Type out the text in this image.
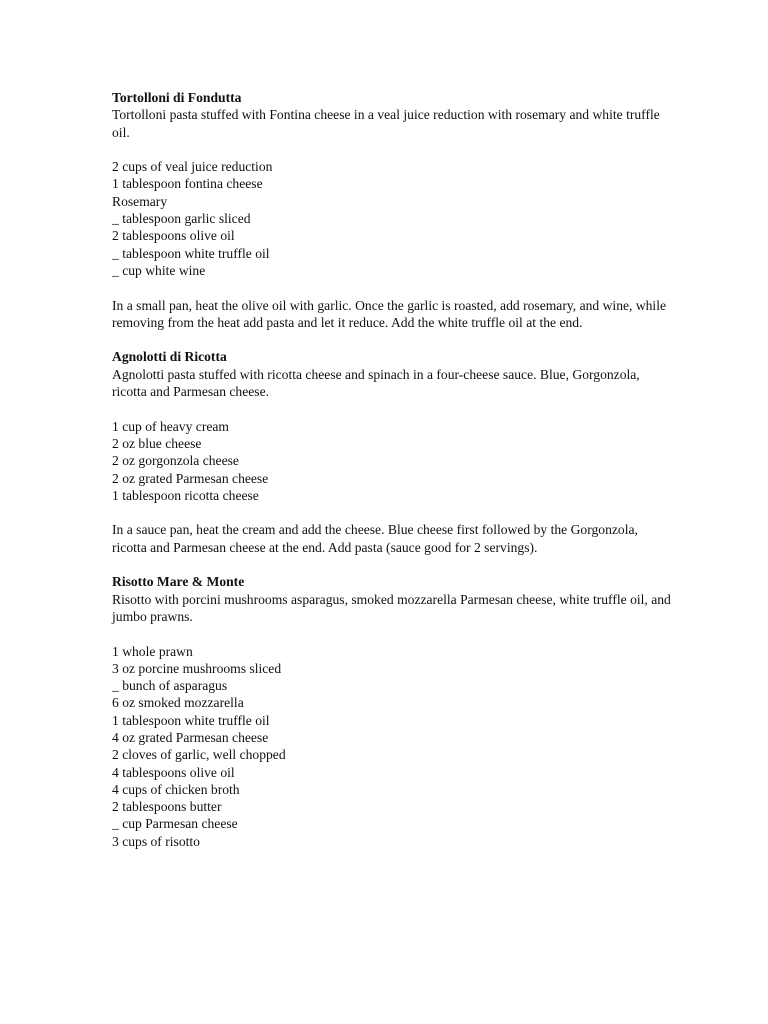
Tortolloni di Fondutta
Tortolloni pasta stuffed with Fontina cheese in a veal juice reduction with rosemary and white truffle oil.
2 cups of veal juice reduction
1 tablespoon fontina cheese
Rosemary
_ tablespoon garlic sliced
2 tablespoons olive oil
_ tablespoon white truffle oil
_ cup white wine

In a small pan, heat the olive oil with garlic. Once the garlic is roasted, add rosemary, and wine, while removing from the heat add pasta and let it reduce. Add the white truffle oil at the end.

Agnolotti di Ricotta
Agnolotti pasta stuffed with ricotta cheese and spinach in a four-cheese sauce. Blue, Gorgonzola, ricotta and Parmesan cheese.
1 cup of heavy cream
2 oz blue cheese
2 oz gorgonzola cheese
2 oz grated Parmesan cheese
1 tablespoon ricotta cheese

In a sauce pan, heat the cream and add the cheese. Blue cheese first followed by the Gorgonzola, ricotta and Parmesan cheese at the end. Add pasta (sauce good for 2 servings).

Risotto Mare & Monte
Risotto with porcini mushrooms asparagus, smoked mozzarella Parmesan cheese, white truffle oil, and jumbo prawns.
1 whole prawn
3 oz porcine mushrooms sliced
_ bunch of asparagus
6 oz smoked mozzarella
1 tablespoon white truffle oil
4 oz grated Parmesan cheese
2 cloves of garlic, well chopped
4 tablespoons olive oil
4 cups of chicken broth
2 tablespoons butter
_ cup Parmesan cheese
3 cups of risotto
